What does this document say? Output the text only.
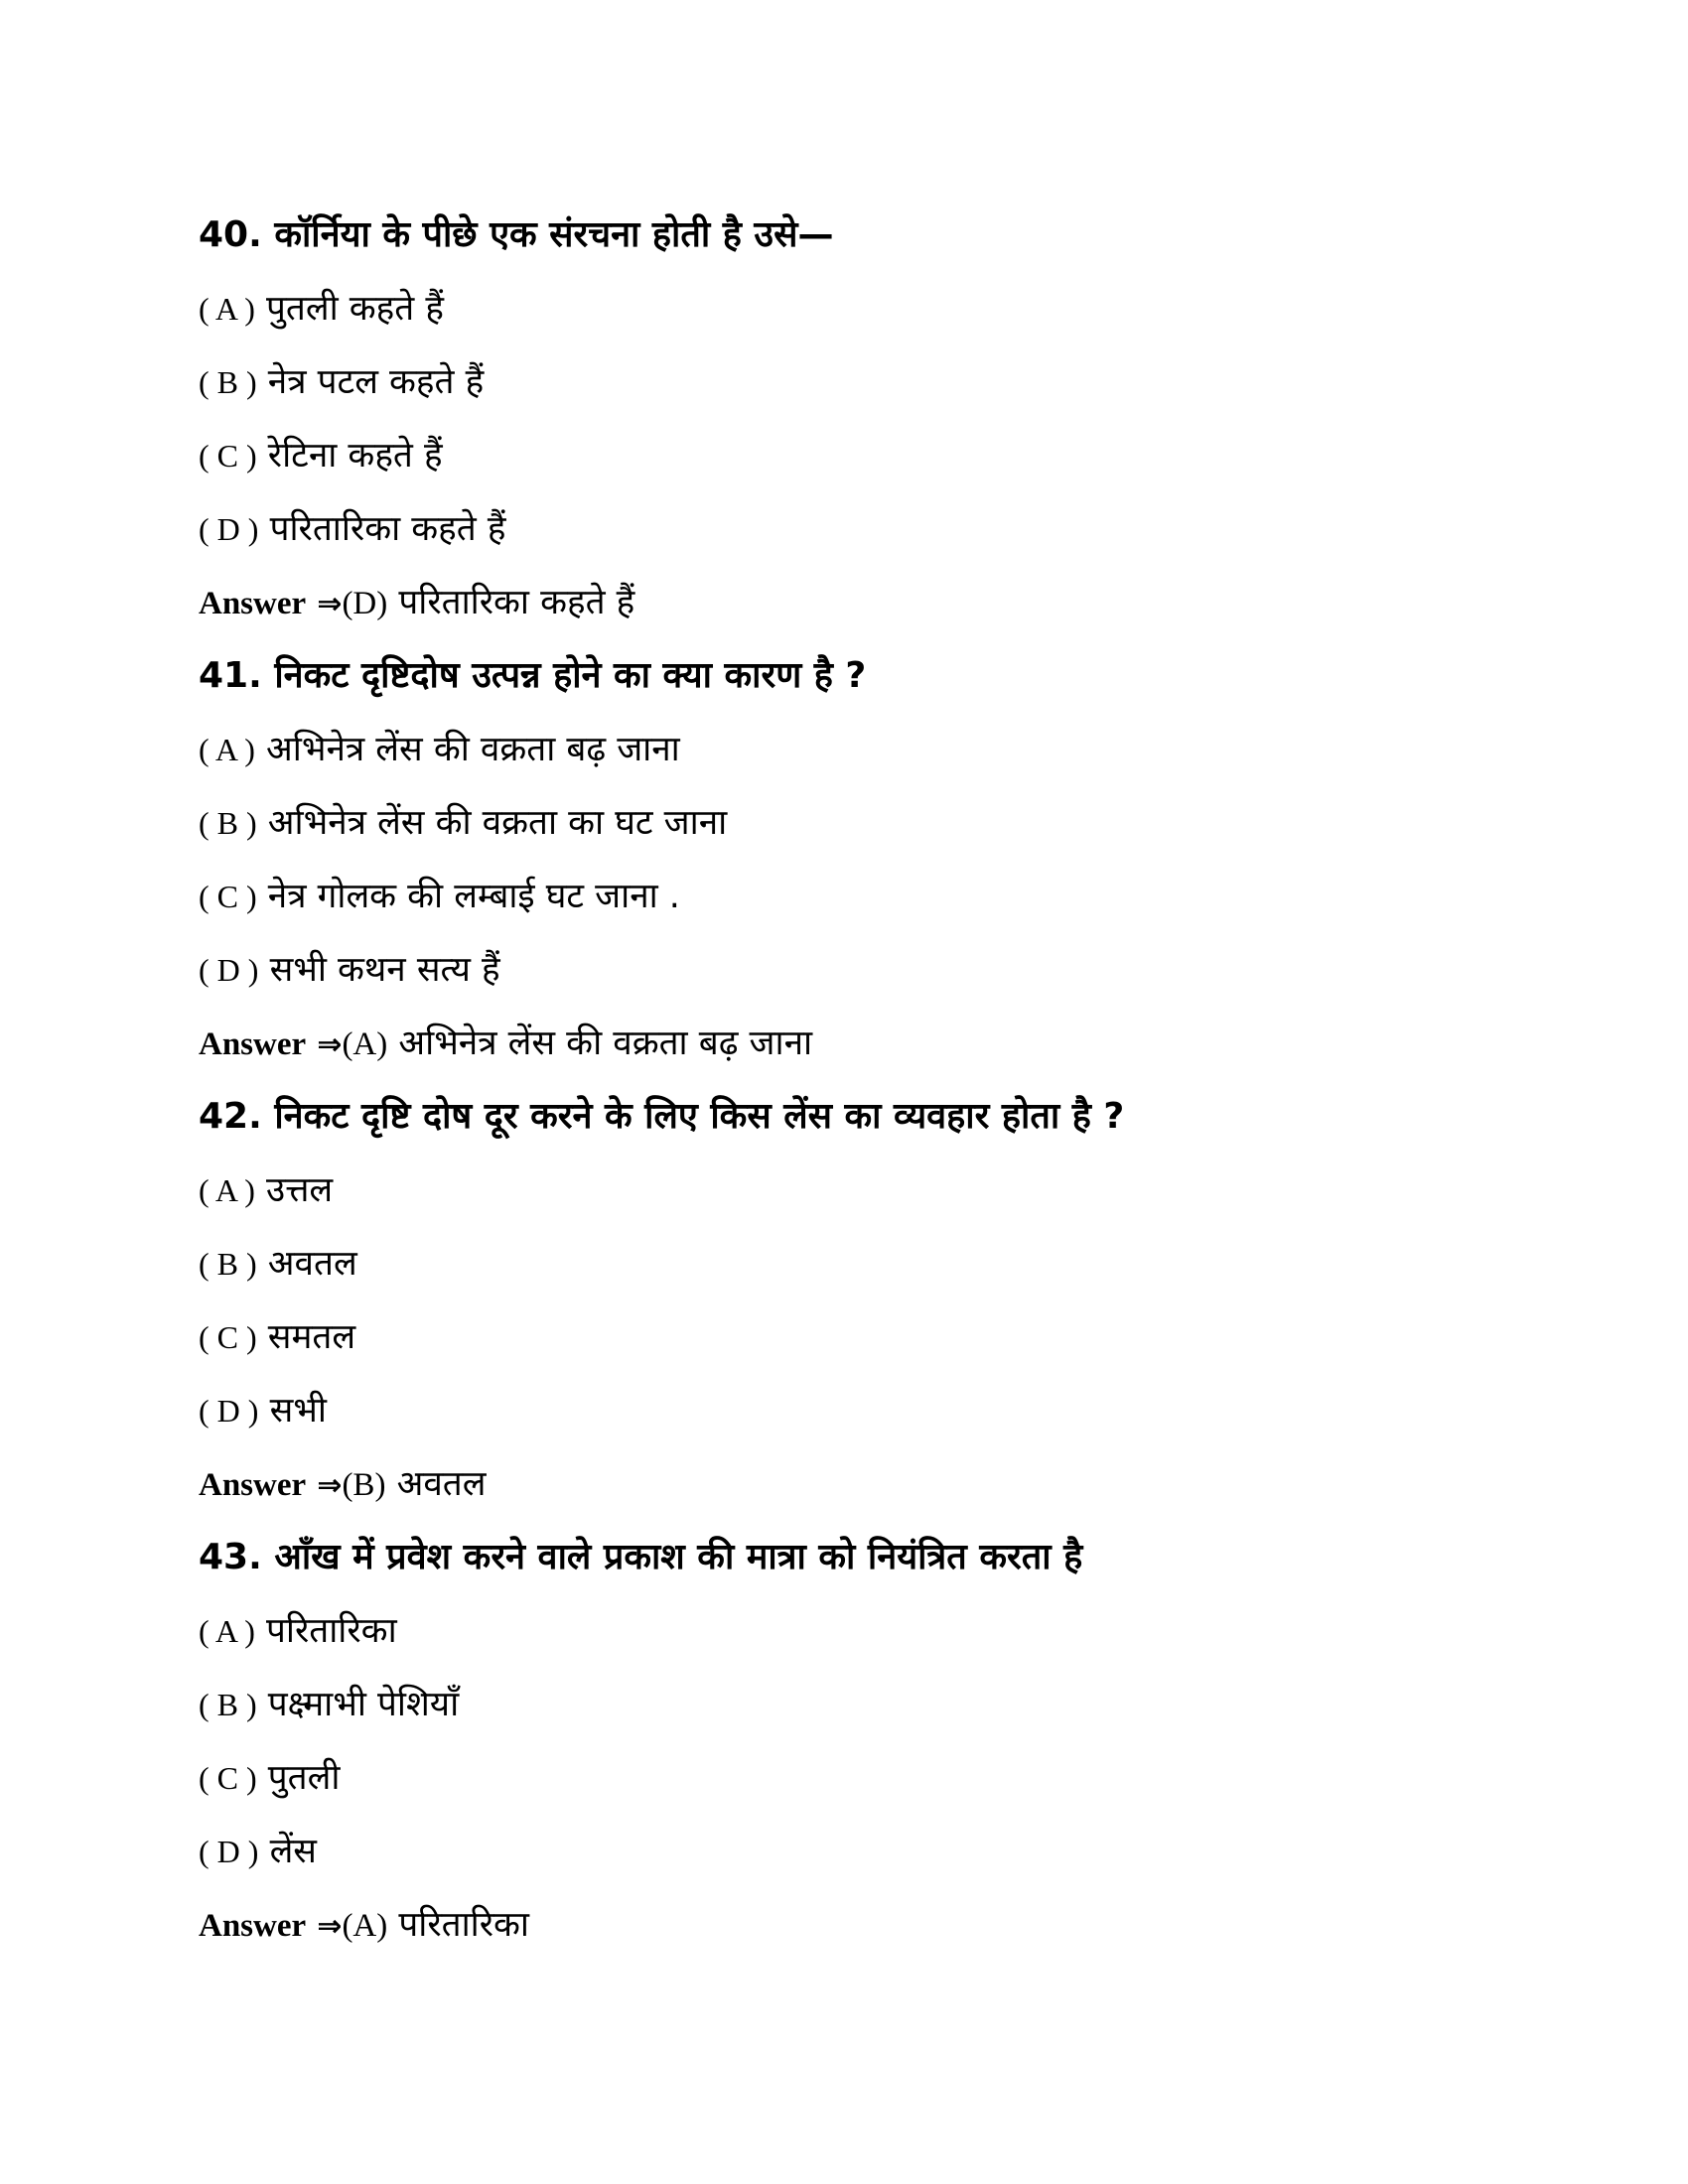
40. कॉर्निया के पीछे एक संरचना होती है उसे—
( A ) पुतली कहते हैं
( B ) नेत्र पटल कहते हैं
( C ) रेटिना कहते हैं
( D ) परितारिका कहते हैं
Answer ⇒(D) परितारिका कहते हैं
41. निकट दृष्टिदोष उत्पन्न होने का क्या कारण है ?
( A ) अभिनेत्र लेंस की वक्रता बढ़ जाना
( B ) अभिनेत्र लेंस की वक्रता का घट जाना
( C ) नेत्र गोलक की लम्बाई घट जाना .
( D ) सभी कथन सत्य हैं
Answer ⇒(A) अभिनेत्र लेंस की वक्रता बढ़ जाना
42. निकट दृष्टि दोष दूर करने के लिए किस लेंस का व्यवहार होता है ?
( A ) उत्तल
( B ) अवतल
( C ) समतल
( D ) सभी
Answer ⇒(B) अवतल
43. आँख में प्रवेश करने वाले प्रकाश की मात्रा को नियंत्रित करता है
( A ) परितारिका
( B ) पक्ष्माभी पेशियाँ
( C ) पुतली
( D ) लेंस
Answer ⇒(A) परितारिका
